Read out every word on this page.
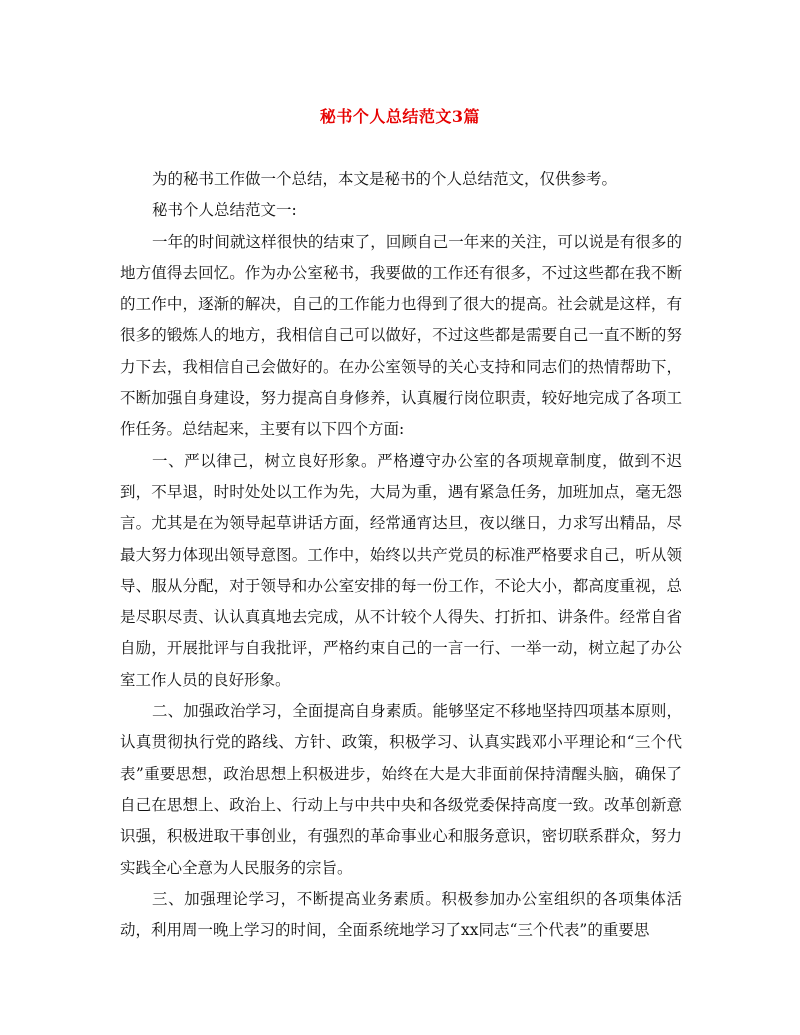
秘书个人总结范文3篇

为的秘书工作做一个总结，本文是秘书的个人总结范文，仅供参考。

秘书个人总结范文一:

一年的时间就这样很快的结束了，回顾自己一年来的关注，可以说是有很多的地方值得去回忆。作为办公室秘书，我要做的工作还有很多，不过这些都在我不断的工作中，逐渐的解决，自己的工作能力也得到了很大的提高。社会就是这样，有很多的锻炼人的地方，我相信自己可以做好，不过这些都是需要自己一直不断的努力下去，我相信自己会做好的。在办公室领导的关心支持和同志们的热情帮助下，不断加强自身建设，努力提高自身修养，认真履行岗位职责，较好地完成了各项工作任务。总结起来，主要有以下四个方面:

一、严以律己，树立良好形象。严格遵守办公室的各项规章制度，做到不迟到，不早退，时时处处以工作为先，大局为重，遇有紧急任务，加班加点，毫无怨言。尤其是在为领导起草讲话方面，经常通宵达旦，夜以继日，力求写出精品，尽最大努力体现出领导意图。工作中，始终以共产党员的标准严格要求自己，听从领导、服从分配，对于领导和办公室安排的每一份工作，不论大小，都高度重视，总是尽职尽责、认认真真地去完成，从不计较个人得失、打折扣、讲条件。经常自省自励，开展批评与自我批评，严格约束自己的一言一行、一举一动，树立起了办公室工作人员的良好形象。

二、加强政治学习，全面提高自身素质。能够坚定不移地坚持四项基本原则，认真贯彻执行党的路线、方针、政策，积极学习、认真实践邓小平理论和“三个代表”重要思想，政治思想上积极进步，始终在大是大非面前保持清醒头脑，确保了自己在思想上、政治上、行动上与中共中央和各级党委保持高度一致。改革创新意识强，积极进取干事创业，有强烈的革命事业心和服务意识，密切联系群众，努力实践全心全意为人民服务的宗旨。

三、加强理论学习，不断提高业务素质。积极参加办公室组织的各项集体活动，利用周一晚上学习的时间，全面系统地学习了xx同志“三个代表”的重要思
